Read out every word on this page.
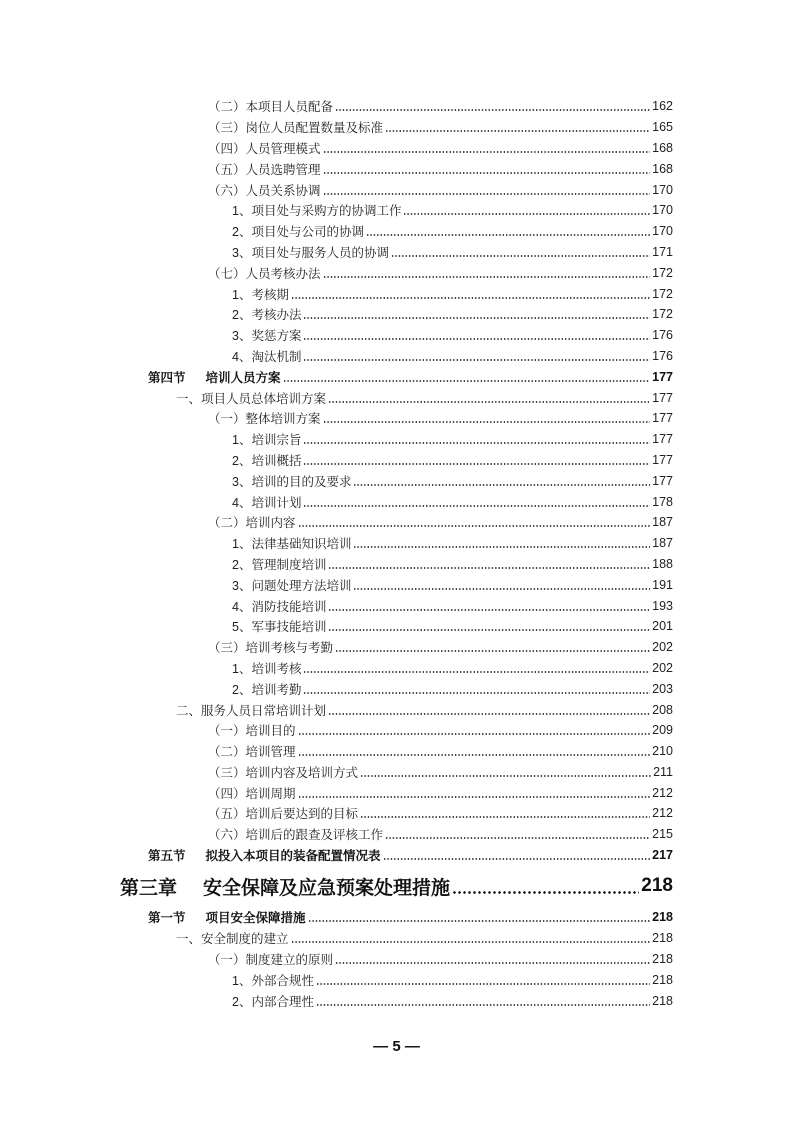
（二）本项目人员配备	162
（三）岗位人员配置数量及标准	165
（四）人员管理模式	168
（五）人员选聘管理	168
（六）人员关系协调	170
1、项目处与采购方的协调工作	170
2、项目处与公司的协调	170
3、项目处与服务人员的协调	171
（七）人员考核办法	172
1、考核期	172
2、考核办法	172
3、奖惩方案	176
4、淘汰机制	176
第四节 培训人员方案	177
一、项目人员总体培训方案	177
（一）整体培训方案	177
1、培训宗旨	177
2、培训概括	177
3、培训的目的及要求	177
4、培训计划	178
（二）培训内容	187
1、法律基础知识培训	187
2、管理制度培训	188
3、问题处理方法培训	191
4、消防技能培训	193
5、军事技能培训	201
（三）培训考核与考勤	202
1、培训考核	202
2、培训考勤	203
二、服务人员日常培训计划	208
（一）培训目的	209
（二）培训管理	210
（三）培训内容及培训方式	211
（四）培训周期	212
（五）培训后要达到的目标	212
（六）培训后的跟查及评核工作	215
第五节 拟投入本项目的装备配置情况表	217
第三章 安全保障及应急预案处理措施	218
第一节 项目安全保障措施	218
一、安全制度的建立	218
（一）制度建立的原则	218
1、外部合规性	218
2、内部合理性	218
— 5 —
